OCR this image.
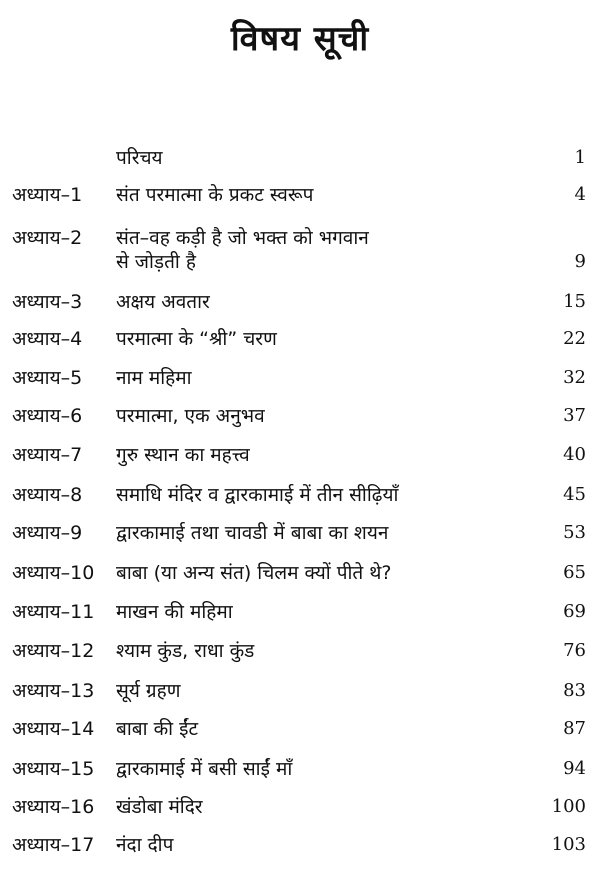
विषय सूची
परिचय	1
अध्याय–1 संत परमात्मा के प्रकट स्वरूप	4
अध्याय–2 संत–वह कड़ी है जो भक्त को भगवान
से जोड़ती है	9
अध्याय–3 अक्षय अवतार	15
अध्याय–4 परमात्मा के “श्री” चरण	22
अध्याय–5 नाम महिमा	32
अध्याय–6 परमात्मा, एक अनुभव	37
अध्याय–7 गुरु स्थान का महत्त्व	40
अध्याय–8 समाधि मंदिर व द्वारकामाई में तीन सीढ़ियाँ	45
अध्याय–9 द्वारकामाई तथा चावडी में बाबा का शयन	53
अध्याय–10 बाबा (या अन्य संत) चिलम क्यों पीते थे?	65
अध्याय–11 माखन की महिमा	69
अध्याय–12 श्याम कुंड, राधा कुंड	76
अध्याय–13 सूर्य ग्रहण	83
अध्याय–14 बाबा की ईंट	87
अध्याय–15 द्वारकामाई में बसी साईं माँ	94
अध्याय–16 खंडोबा मंदिर	100
अध्याय–17 नंदा दीप	103
